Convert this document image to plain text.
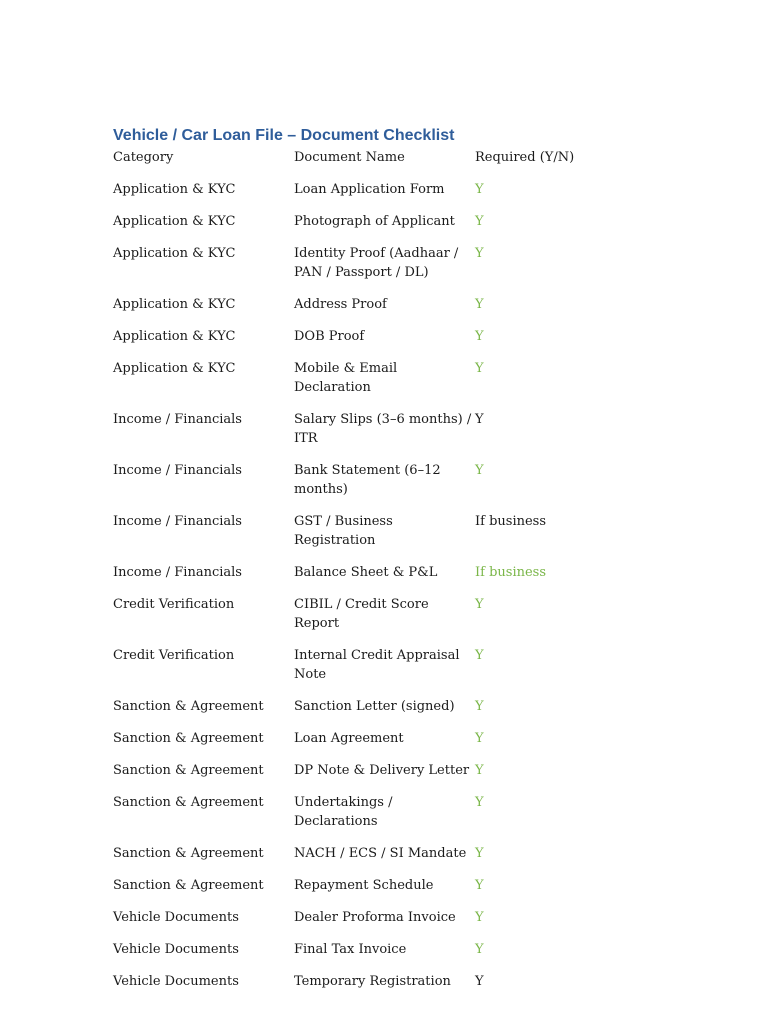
Vehicle / Car Loan File – Document Checklist
Category	Document Name	Required (Y/N)
Application & KYC	Loan Application Form	Y
Application & KYC	Photograph of Applicant	Y
Application & KYC	Identity Proof (Aadhaar / PAN / Passport / DL)	Y
Application & KYC	Address Proof	Y
Application & KYC	DOB Proof	Y
Application & KYC	Mobile & Email Declaration	Y
Income / Financials	Salary Slips (3–6 months) / ITR	Y
Income / Financials	Bank Statement (6–12 months)	Y
Income / Financials	GST / Business Registration	If business
Income / Financials	Balance Sheet & P&L	If business
Credit Verification	CIBIL / Credit Score Report	Y
Credit Verification	Internal Credit Appraisal Note	Y
Sanction & Agreement	Sanction Letter (signed)	Y
Sanction & Agreement	Loan Agreement	Y
Sanction & Agreement	DP Note & Delivery Letter	Y
Sanction & Agreement	Undertakings / Declarations	Y
Sanction & Agreement	NACH / ECS / SI Mandate	Y
Sanction & Agreement	Repayment Schedule	Y
Vehicle Documents	Dealer Proforma Invoice	Y
Vehicle Documents	Final Tax Invoice	Y
Vehicle Documents	Temporary Registration	Y
